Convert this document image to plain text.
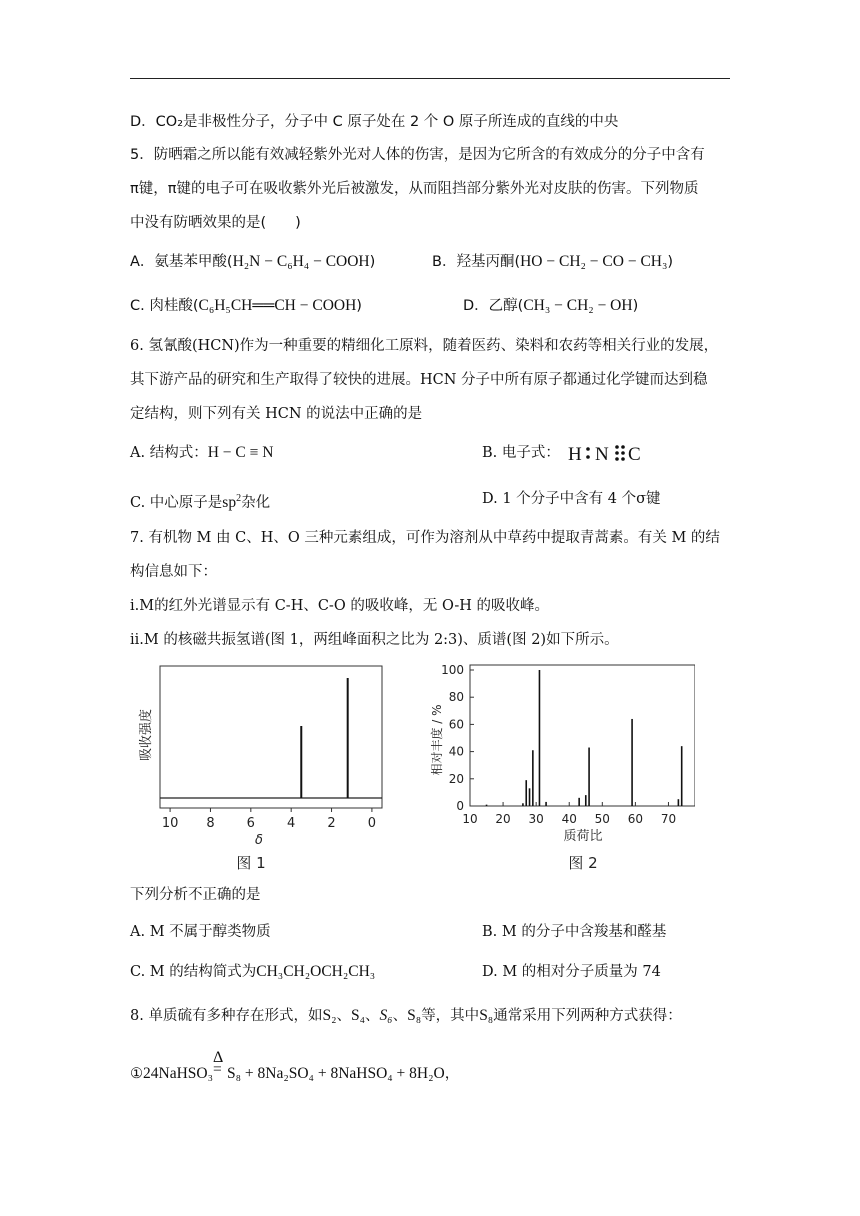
D．CO₂是非极性分子，分子中 C 原子处在 2 个 O 原子所连成的直线的中央
5．防晒霜之所以能有效减轻紫外光对人体的伤害，是因为它所含的有效成分的分子中含有
π键，π键的电子可在吸收紫外光后被激发，从而阻挡部分紫外光对皮肤的伤害。下列物质
中没有防晒效果的是(　　)
A．氨基苯甲酸(H₂N − C₆H₄ − COOH)	B．羟基丙酮(HO − CH₂ − CO − CH₃)
C. 肉桂酸(C₆H₅CH══CH − COOH)	D．乙醇(CH₃ − CH₂ − OH)
6. 氢氰酸(HCN)作为一种重要的精细化工原料，随着医药、染料和农药等相关行业的发展，
其下游产品的研究和生产取得了较快的进展。HCN 分子中所有原子都通过化学键而达到稳
定结构，则下列有关 HCN 的说法中正确的是
A. 结构式：H − C ≡ N	B. 电子式： H N C
C. 中心原子是$sp^2$杂化	D. 1 个分子中含有 4 个σ键
7. 有机物 M 由 C、H、O 三种元素组成，可作为溶剂从中草药中提取青蒿素。有关 M 的结
构信息如下：
i.M的红外光谱显示有 C-H、C-O 的吸收峰，无 O-H 的吸收峰。
ii.M 的核磁共振氢谱(图 1，两组峰面积之比为 2:3)、质谱(图 2)如下所示。
吸收强度
10 8 6 4 2 0
δ
图 1
0
20
40
60
80
100
10 20 30 40 50 60 70
相对丰度 / %
质荷比
图 2
下列分析不正确的是
A. M 不属于醇类物质	B. M 的分子中含羧基和醛基
C. M 的结构简式为CH₃CH₂OCH₂CH₃	D. M 的相对分子质量为 74
8. 单质硫有多种存在形式，如S₂、S₄、S₆、S₈等，其中S₈通常采用下列两种方式获得：
①24NaHSO₃
Δ
= S₈ + 8Na₂SO₄ + 8NaHSO₄ + 8H₂O，
